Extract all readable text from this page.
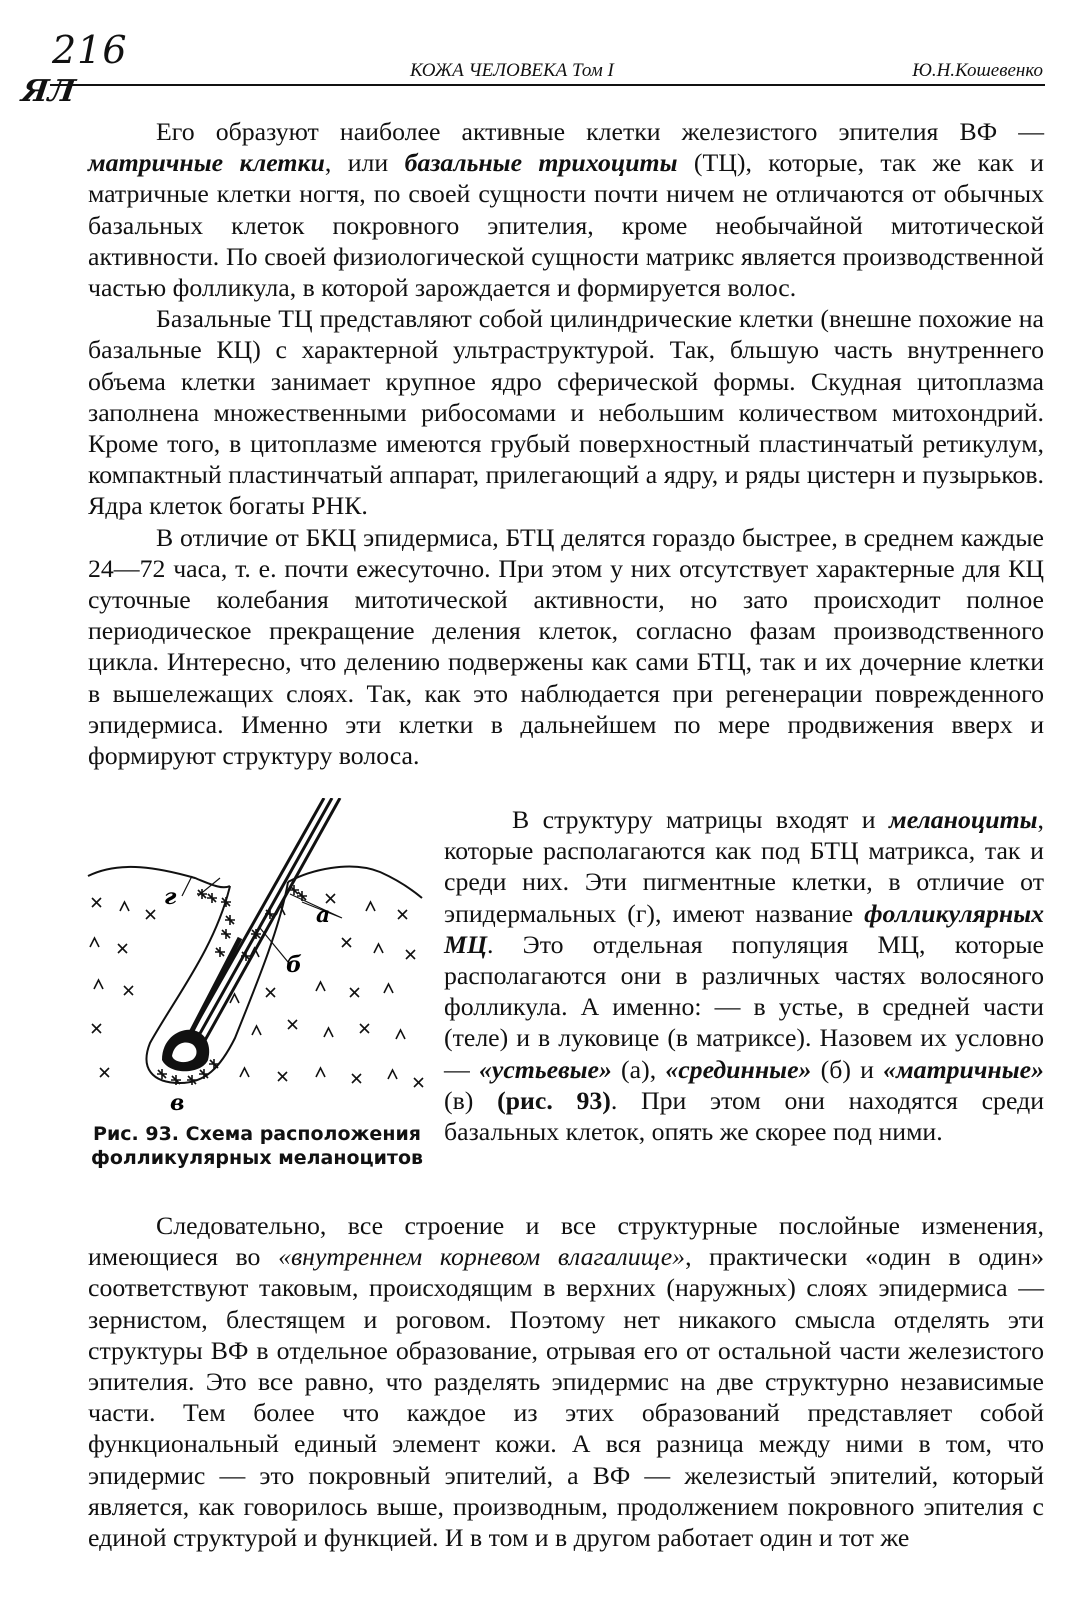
216
ЯЛ
КОЖА ЧЕЛОВЕКА Том I	Ю.Н.Кошевенко

Его образуют наиболее активные клетки железистого эпителия ВФ — матричные клетки, или базальные трихоциты (ТЦ), которые, так же как и матричные клетки ногтя, по своей сущности почти ничем не отличаются от обычных базальных клеток покровного эпителия, кроме необычайной митотической активности. По своей физиологической сущности матрикс является производственной частью фолликула, в которой зарождается и формируется волос.

Базальные ТЦ представляют собой цилиндрические клетки (внешне похожие на базальные КЦ) с характерной ультраструктурой. Так, бльшую часть внутреннего объема клетки занимает крупное ядро сферической формы. Скудная цитоплазма заполнена множественными рибосомами и небольшим количеством митохондрий. Кроме того, в цитоплазме имеются грубый поверхностный пластинчатый ретикулум, компактный пластинчатый аппарат, прилегающий а ядру, и ряды цистерн и пузырьков. Ядра клеток богаты РНК.

В отличие от БКЦ эпидермиса, БТЦ делятся гораздо быстрее, в среднем каждые 24—72 часа, т. е. почти ежесуточно. При этом у них отсутствует характерные для КЦ суточные колебания митотической активности, но зато происходит полное периодическое прекращение деления клеток, согласно фазам производственного цикла. Интересно, что делению подвержены как сами БТЦ, так и их дочерние клетки в вышележащих слоях. Так, как это наблюдается при регенерации поврежденного эпидермиса. Именно эти клетки в дальнейшем по мере продвижения вверх и формируют структуру волоса.

г
а
б
в
Рис. 93. Схема расположения фолликулярных меланоцитов

В структуру матрицы входят и меланоциты, которые располагаются как под БТЦ матрикса, так и среди них. Эти пигментные клетки, в отличие от эпидермальных (г), имеют название фолликулярных МЦ. Это отдельная популяция МЦ, которые располагаются они в различных частях волосяного фолликула. А именно: — в устье, в средней части (теле) и в луковице (в матриксе). Назовем их условно — «устьевые» (а), «срединные» (б) и «матричные» (в) (рис. 93). При этом они находятся среди базальных клеток, опять же скорее под ними.

Следовательно, все строение и все структурные послойные изменения, имеющиеся во «внутреннем корневом влагалище», практически «один в один» соответствуют таковым, происходящим в верхних (наружных) слоях эпидермиса — зернистом, блестящем и роговом. Поэтому нет никакого смысла отделять эти структуры ВФ в отдельное образование, отрывая его от остальной части железистого эпителия. Это все равно, что разделять эпидермис на две структурно независимые части. Тем более что каждое из этих образований представляет собой функциональный единый элемент кожи. А вся разница между ними в том, что эпидермис — это покровный эпителий, а ВФ — железистый эпителий, который является, как говорилось выше, производным, продолжением покровного эпителия с единой структурой и функцией. И в том и в другом работает один и тот же
